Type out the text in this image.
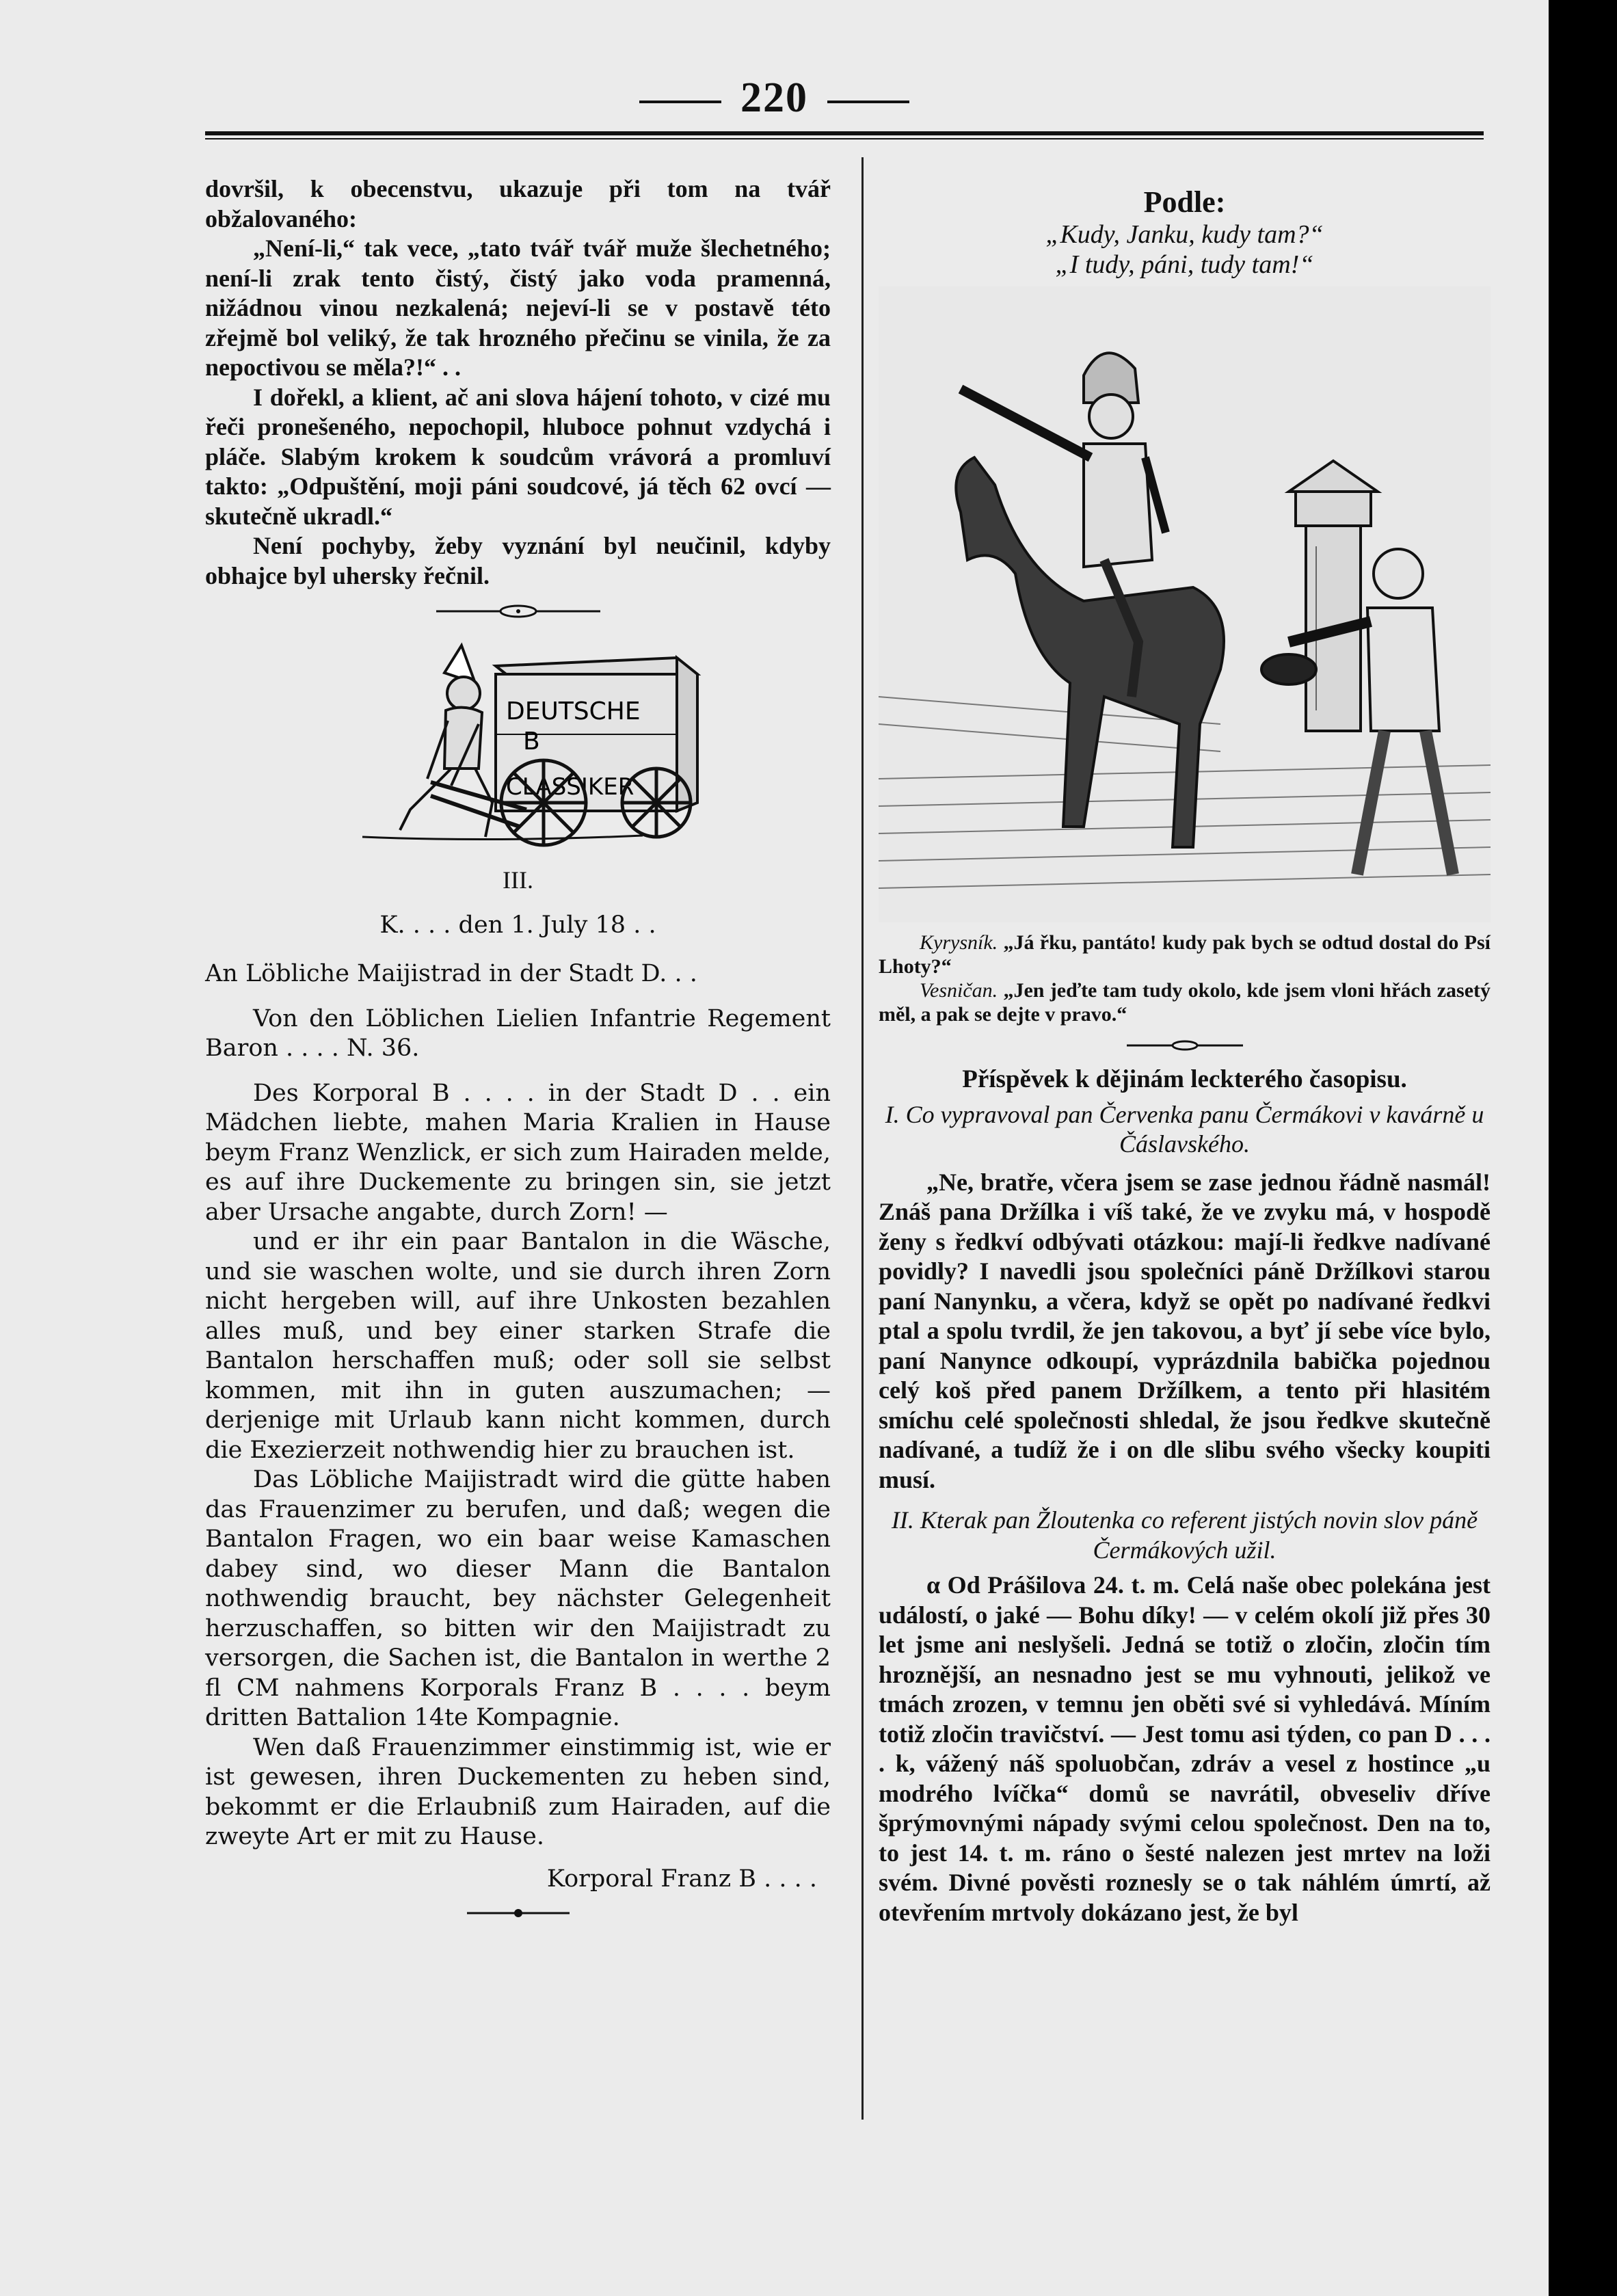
220

dovršil, k obecenstvu, ukazuje při tom na tvář obžalovaného:

„Není-li,“ tak vece, „tato tvář tvář muže šlechetného; není-li zrak tento čistý, čistý jako voda pramenná, nižádnou vinou nezkalená; nejeví-li se v postavě této zřejmě bol veliký, že tak hrozného přečinu se vinila, že za nepoctivou se měla?!“ . .

I dořekl, a klient, ač ani slova hájení tohoto, v cizé mu řeči pronešeného, nepochopil, hluboce pohnut vzdychá i pláče. Slabým krokem k soudcům vrávorá a promluví takto: „Odpuštění, moji páni soudcové, já těch 62 ovcí — skutečně ukradl.“

Není pochyby, žeby vyznání byl neučinil, kdyby obhajce byl uhersky řečnil.

DEUTSCHE
B
CLASSIKER

III.

K. . . . den 1. July 18 . .

An Löbliche Maijistrad in der Stadt D. . .

Von den Löblichen Lielien Infantrie Regement Baron . . . . N. 36.

Des Korporal B . . . . in der Stadt D . . ein Mädchen liebte, mahen Maria Kralien in Hause beym Franz Wenzlick, er sich zum Hairaden melde, es auf ihre Duckemente zu bringen sin, sie jetzt aber Ursache angabte, durch Zorn! —

und er ihr ein paar Bantalon in die Wäsche, und sie waschen wolte, und sie durch ihren Zorn nicht hergeben will, auf ihre Unkosten bezahlen alles muß, und bey einer starken Strafe die Bantalon herschaffen muß; oder soll sie selbst kommen, mit ihn in guten auszumachen; — derjenige mit Urlaub kann nicht kommen, durch die Exezierzeit nothwendig hier zu brauchen ist.

Das Löbliche Maijistradt wird die gütte haben das Frauenzimer zu berufen, und daß; wegen die Bantalon Fragen, wo ein baar weise Kamaschen dabey sind, wo dieser Mann die Bantalon nothwendig braucht, bey nächster Gelegenheit herzuschaffen, so bitten wir den Maijistradt zu versorgen, die Sachen ist, die Bantalon in werthe 2 fl CM nahmens Korporals Franz B . . . . beym dritten Battalion 14te Kompagnie.

Wen daß Frauenzimmer einstimmig ist, wie er ist gewesen, ihren Duckementen zu heben sind, bekommt er die Erlaubniß zum Hairaden, auf die zweyte Art er mit zu Hause.

Korporal Franz B . . . .

Podle:

„Kudy, Janku, kudy tam?“

„I tudy, páni, tudy tam!“

Kyrysník. „Já řku, pantáto! kudy pak bych se odtud dostal do Psí Lhoty?“

Vesničan. „Jen jeďte tam tudy okolo, kde jsem vloni hřách zasetý měl, a pak se dejte v pravo.“

Příspěvek k dějinám leckterého časopisu.

I. Co vypravoval pan Červenka panu Čermákovi v kavárně u Čáslavského.

„Ne, bratře, včera jsem se zase jednou řádně nasmál! Znáš pana Držílka i víš také, že ve zvyku má, v hospodě ženy s ředkví odbývati otázkou: mají-li ředkve nadívané povidly? I navedli jsou společníci páně Držílkovi starou paní Nanynku, a včera, když se opět po nadívané ředkvi ptal a spolu tvrdil, že jen takovou, a byť jí sebe více bylo, paní Nanynce odkoupí, vyprázdnila babička pojednou celý koš před panem Držílkem, a tento při hlasitém smíchu celé společnosti shledal, že jsou ředkve skutečně nadívané, a tudíž že i on dle slibu svého všecky koupiti musí.

II. Kterak pan Žloutenka co referent jistých novin slov páně Čermákových užil.

α Od Prášilova 24. t. m. Celá naše obec polekána jest událostí, o jaké — Bohu díky! — v celém okolí již přes 30 let jsme ani neslyšeli. Jedná se totiž o zločin, zločin tím hroznější, an nesnadno jest se mu vyhnouti, jelikož ve tmách zrozen, v temnu jen oběti své si vyhledává. Míním totiž zločin travičství. — Jest tomu asi týden, co pan D . . . . k, vážený náš spoluobčan, zdráv a vesel z hostince „u modrého lvíčka“ domů se navrátil, obveseliv dříve šprýmovnými nápady svými celou společnost. Den na to, to jest 14. t. m. ráno o šesté nalezen jest mrtev na loži svém. Divné pověsti roznesly se o tak náhlém úmrtí, až otevřením mrtvoly dokázano jest, že byl
